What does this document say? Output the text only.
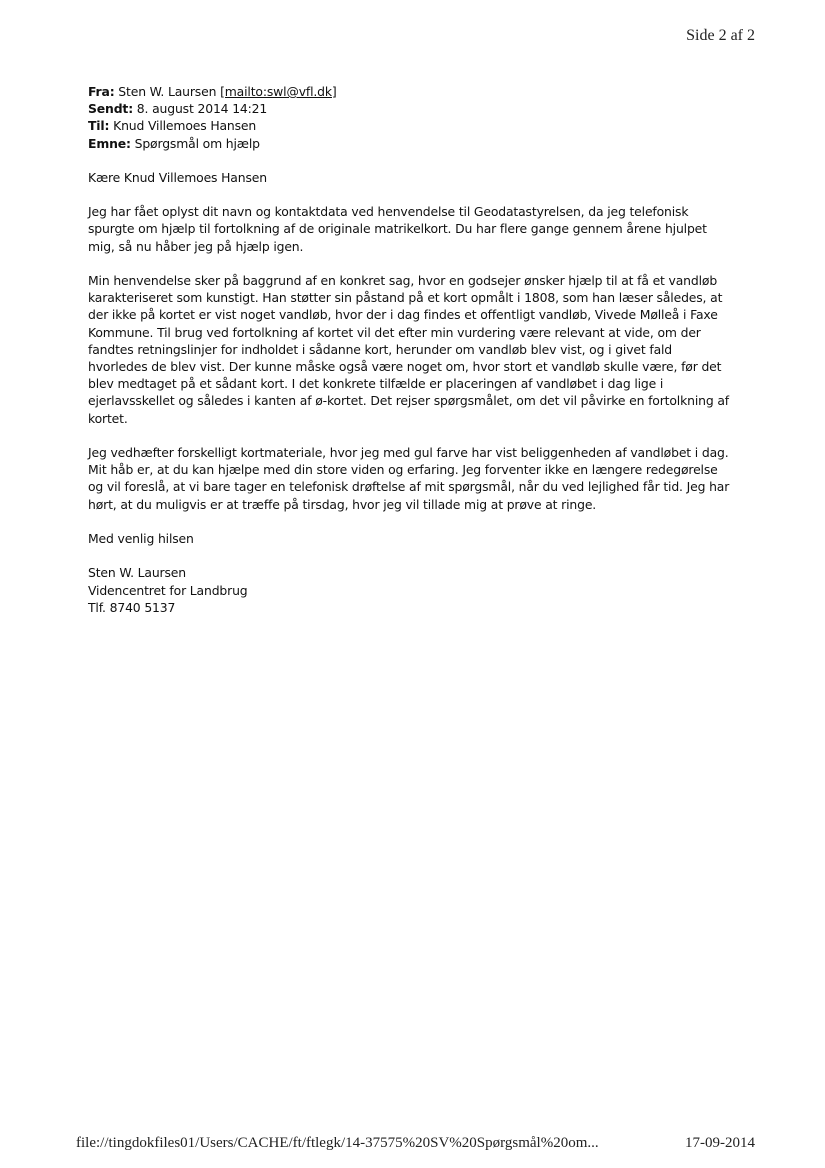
Side 2 af 2
Fra: Sten W. Laursen [mailto:swl@vfl.dk]
Sendt: 8. august 2014 14:21
Til: Knud Villemoes Hansen
Emne: Spørgsmål om hjælp
Kære Knud Villemoes Hansen
Jeg har fået oplyst dit navn og kontaktdata ved henvendelse til Geodatastyrelsen, da jeg telefonisk
spurgte om hjælp til fortolkning af de originale matrikelkort. Du har flere gange gennem årene hjulpet
mig, så nu håber jeg på hjælp igen.
Min henvendelse sker på baggrund af en konkret sag, hvor en godsejer ønsker hjælp til at få et vandløb
karakteriseret som kunstigt. Han støtter sin påstand på et kort opmålt i 1808, som han læser således, at
der ikke på kortet er vist noget vandløb, hvor der i dag findes et offentligt vandløb, Vivede Mølleå i Faxe
Kommune. Til brug ved fortolkning af kortet vil det efter min vurdering være relevant at vide, om der
fandtes retningslinjer for indholdet i sådanne kort, herunder om vandløb blev vist, og i givet fald
hvorledes de blev vist. Der kunne måske også være noget om, hvor stort et vandløb skulle være, før det
blev medtaget på et sådant kort. I det konkrete tilfælde er placeringen af vandløbet i dag lige i
ejerlavsskellet og således i kanten af ø-kortet. Det rejser spørgsmålet, om det vil påvirke en fortolkning af
kortet.
Jeg vedhæfter forskelligt kortmateriale, hvor jeg med gul farve har vist beliggenheden af vandløbet i dag.
Mit håb er, at du kan hjælpe med din store viden og erfaring. Jeg forventer ikke en længere redegørelse
og vil foreslå, at vi bare tager en telefonisk drøftelse af mit spørgsmål, når du ved lejlighed får tid. Jeg har
hørt, at du muligvis er at træffe på tirsdag, hvor jeg vil tillade mig at prøve at ringe.
Med venlig hilsen
Sten W. Laursen
Videncentret for Landbrug
Tlf. 8740 5137
file://tingdokfiles01/Users/CACHE/ft/ftlegk/14-37575%20SV%20Spørgsmål%20om...	17-09-2014
